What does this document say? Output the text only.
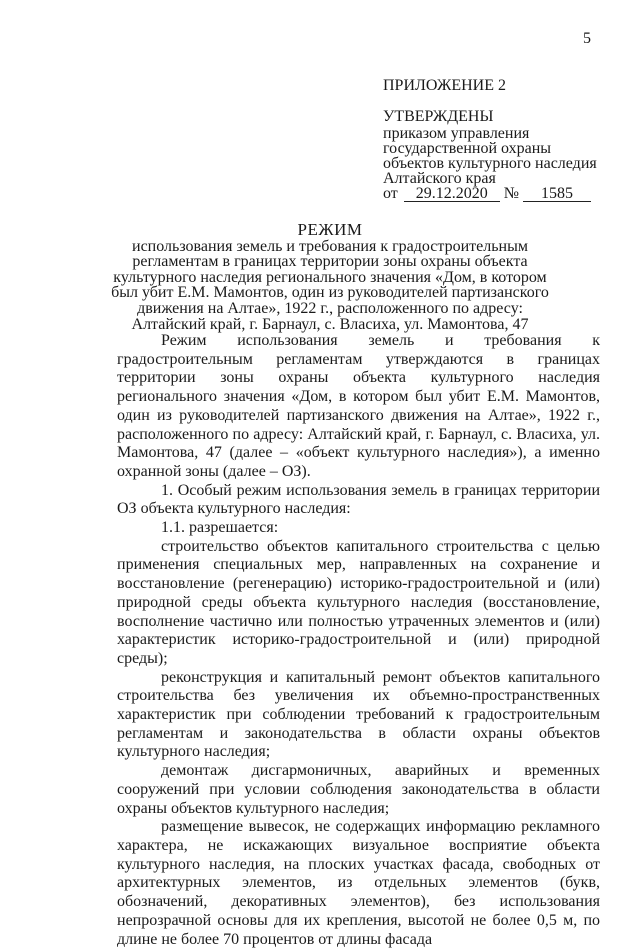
5
ПРИЛОЖЕНИЕ 2
УТВЕРЖДЕНЫ
приказом управления
государственной охраны
объектов культурного наследия
Алтайского края
от 29.12.2020 № 1585
РЕЖИМ
использования земель и требования к градостроительным
регламентам в границах территории зоны охраны объекта
культурного наследия регионального значения «Дом, в котором
был убит Е.М. Мамонтов, один из руководителей партизанского
движения на Алтае», 1922 г., расположенного по адресу:
Алтайский край, г. Барнаул, с. Власиха, ул. Мамонтова, 47

Режим использования земель и требования к градостроительным регламентам утверждаются в границах территории зоны охраны объекта культурного наследия регионального значения «Дом, в котором был убит Е.М. Мамонтов, один из руководителей партизанского движения на Алтае», 1922 г., расположенного по адресу: Алтайский край, г. Барнаул, с. Власиха, ул. Мамонтова, 47 (далее – «объект культурного наследия»), а именно охранной зоны (далее – ОЗ).

1. Особый режим использования земель в границах территории ОЗ объекта культурного наследия:

1.1. разрешается:

строительство объектов капитального строительства с целью применения специальных мер, направленных на сохранение и восстановление (регенерацию) историко-градостроительной и (или) природной среды объекта культурного наследия (восстановление, восполнение частично или полностью утраченных элементов и (или) характеристик историко-градостроительной и (или) природной среды);

реконструкция и капитальный ремонт объектов капитального строительства без увеличения их объемно-пространственных характеристик при соблюдении требований к градостроительным регламентам и законодательства в области охраны объектов культурного наследия;

демонтаж дисгармоничных, аварийных и временных сооружений при условии соблюдения законодательства в области охраны объектов культурного наследия;

размещение вывесок, не содержащих информацию рекламного характера, не искажающих визуальное восприятие объекта культурного наследия, на плоских участках фасада, свободных от архитектурных элементов, из отдельных элементов (букв, обозначений, декоративных элементов), без использования непрозрачной основы для их крепления, высотой не более 0,5 м, по длине не более 70 процентов от длины фасада
